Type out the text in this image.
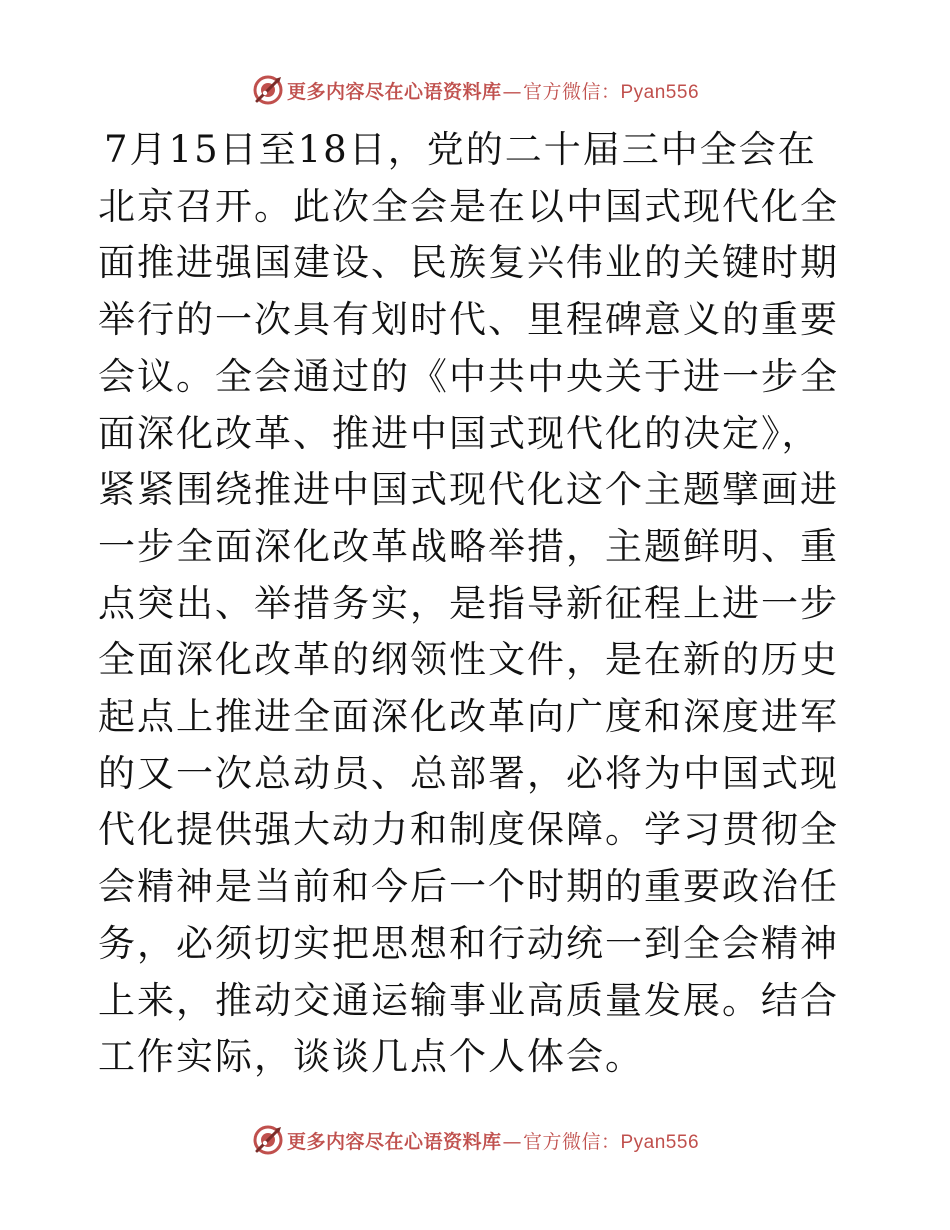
更多内容尽在心语资料库—官方微信：Pyan556

7月15日至18日，党的二十届三中全会在北京召开。此次全会是在以中国式现代化全面推进强国建设、民族复兴伟业的关键时期举行的一次具有划时代、里程碑意义的重要会议。全会通过的《中共中央关于进一步全面深化改革、推进中国式现代化的决定》，紧紧围绕推进中国式现代化这个主题擘画进一步全面深化改革战略举措，主题鲜明、重点突出、举措务实，是指导新征程上进一步全面深化改革的纲领性文件，是在新的历史起点上推进全面深化改革向广度和深度进军的又一次总动员、总部署，必将为中国式现代化提供强大动力和制度保障。学习贯彻全会精神是当前和今后一个时期的重要政治任务，必须切实把思想和行动统一到全会精神上来，推动交通运输事业高质量发展。结合工作实际，谈谈几点个人体会。

更多内容尽在心语资料库—官方微信：Pyan556
